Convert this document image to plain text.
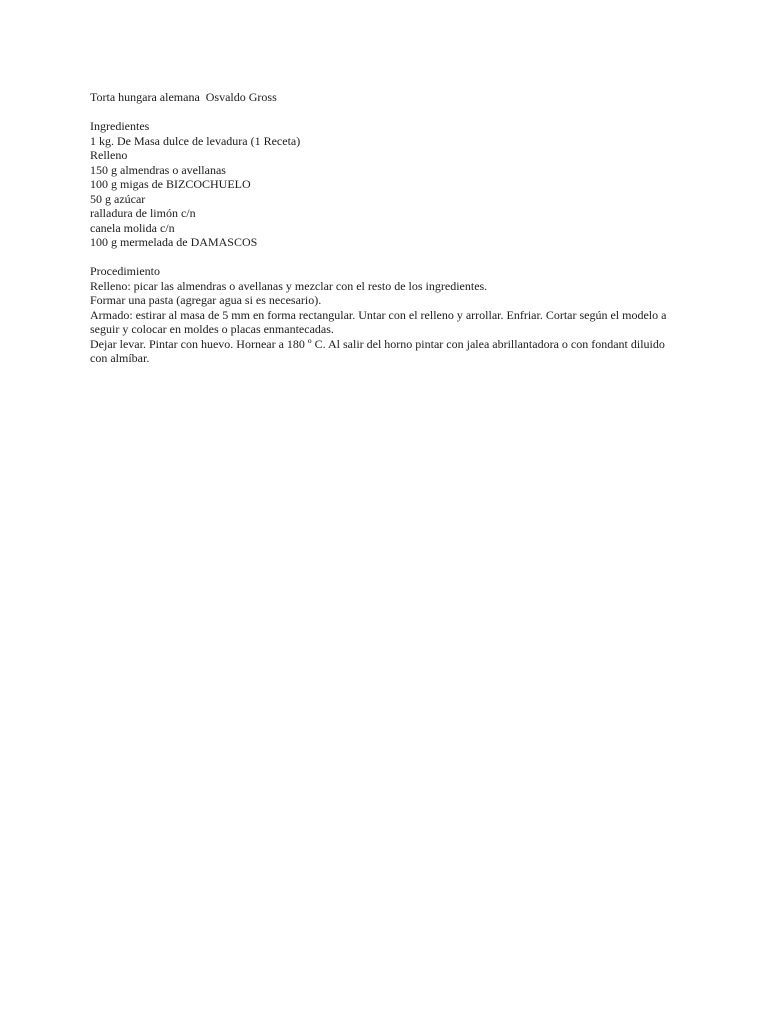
Torta hungara alemana  Osvaldo Gross
Ingredientes
1 kg. De Masa dulce de levadura (1 Receta)
Relleno
150 g almendras o avellanas
100 g migas de BIZCOCHUELO
50 g azúcar
ralladura de limón c/n
canela molida c/n
100 g mermelada de DAMASCOS
Procedimiento
Relleno: picar las almendras o avellanas y mezclar con el resto de los ingredientes.
Formar una pasta (agregar agua si es necesario).
Armado: estirar al masa de 5 mm en forma rectangular. Untar con el relleno y arrollar. Enfriar. Cortar según el modelo a seguir y colocar en moldes o placas enmantecadas.
Dejar levar. Pintar con huevo. Hornear a 180 º C. Al salir del horno pintar con jalea abrillantadora o con fondant diluido con almíbar.
